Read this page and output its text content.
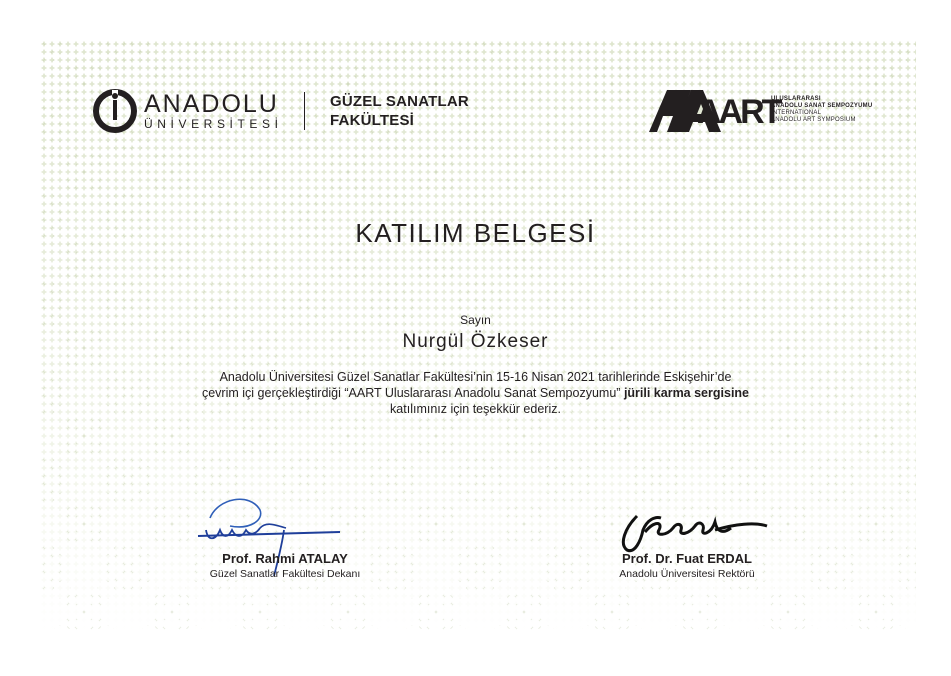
ANADOLU
ÜNİVERSİTESİ
GÜZEL SANATLAR
FAKÜLTESİ	AART
ULUSLARARASI
ANADOLU SANAT SEMPOZYUMU
INTERNATIONAL
ANADOLU ART SYMPOSIUM
KATILIM BELGESİ
Sayın
Nurgül Özkeser
Anadolu Üniversitesi Güzel Sanatlar Fakültesi’nin 15-16 Nisan 2021 tarihlerinde Eskişehir’de
çevrim içi gerçekleştirdiği “AART Uluslararası Anadolu Sanat Sempozyumu” jürili karma sergisine
katılımınız için teşekkür ederiz.
Prof. Rahmi ATALAY
Güzel Sanatlar Fakültesi Dekanı
Prof. Dr. Fuat ERDAL
Anadolu Üniversitesi Rektörü
